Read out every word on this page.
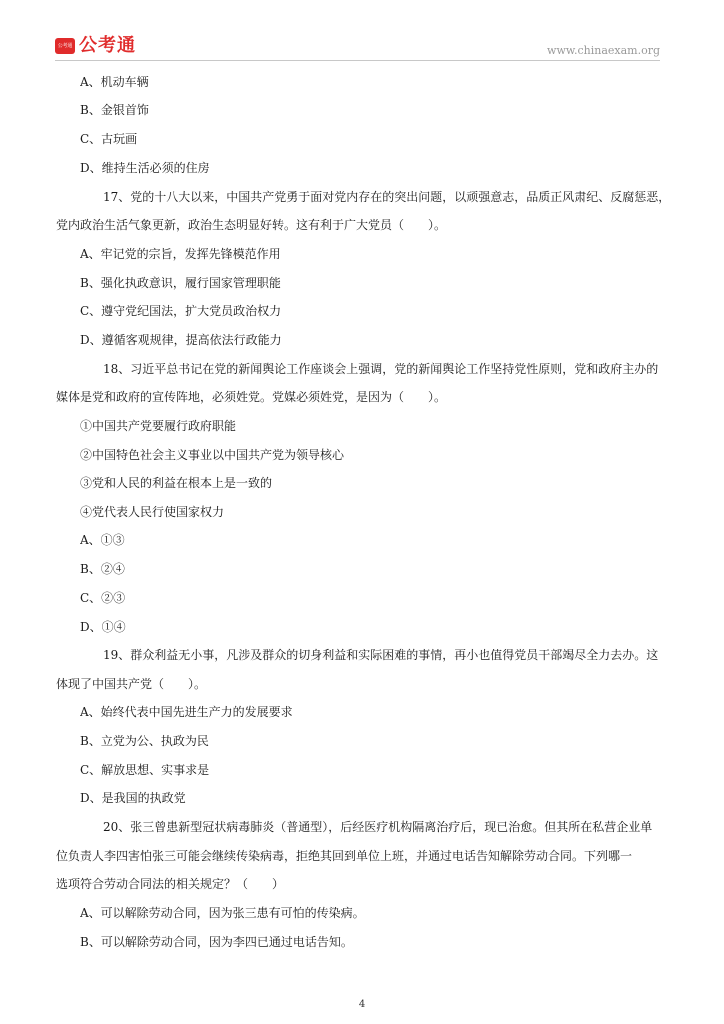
公考通 公考通	www.chinaexam.org
A、机动车辆
B、金银首饰
C、古玩画
D、维持生活必须的住房
17、党的十八大以来，中国共产党勇于面对党内存在的突出问题，以顽强意志，品质正风肃纪、反腐惩恶，
党内政治生活气象更新，政治生态明显好转。这有利于广大党员（　　）。
A、牢记党的宗旨，发挥先锋模范作用
B、强化执政意识，履行国家管理职能
C、遵守党纪国法，扩大党员政治权力
D、遵循客观规律，提高依法行政能力
18、习近平总书记在党的新闻舆论工作座谈会上强调，党的新闻舆论工作坚持党性原则，党和政府主办的
媒体是党和政府的宣传阵地，必须姓党。党媒必须姓党，是因为（　　）。
①中国共产党要履行政府职能
②中国特色社会主义事业以中国共产党为领导核心
③党和人民的利益在根本上是一致的
④党代表人民行使国家权力
A、①③
B、②④
C、②③
D、①④
19、群众利益无小事，凡涉及群众的切身利益和实际困难的事情，再小也值得党员干部竭尽全力去办。这
体现了中国共产党（　　）。
A、始终代表中国先进生产力的发展要求
B、立党为公、执政为民
C、解放思想、实事求是
D、是我国的执政党
20、张三曾患新型冠状病毒肺炎（普通型），后经医疗机构隔离治疗后，现已治愈。但其所在私营企业单
位负责人李四害怕张三可能会继续传染病毒，拒绝其回到单位上班，并通过电话告知解除劳动合同。下列哪一
选项符合劳动合同法的相关规定？（　　）
A、可以解除劳动合同，因为张三患有可怕的传染病。
B、可以解除劳动合同，因为李四已通过电话告知。
4
